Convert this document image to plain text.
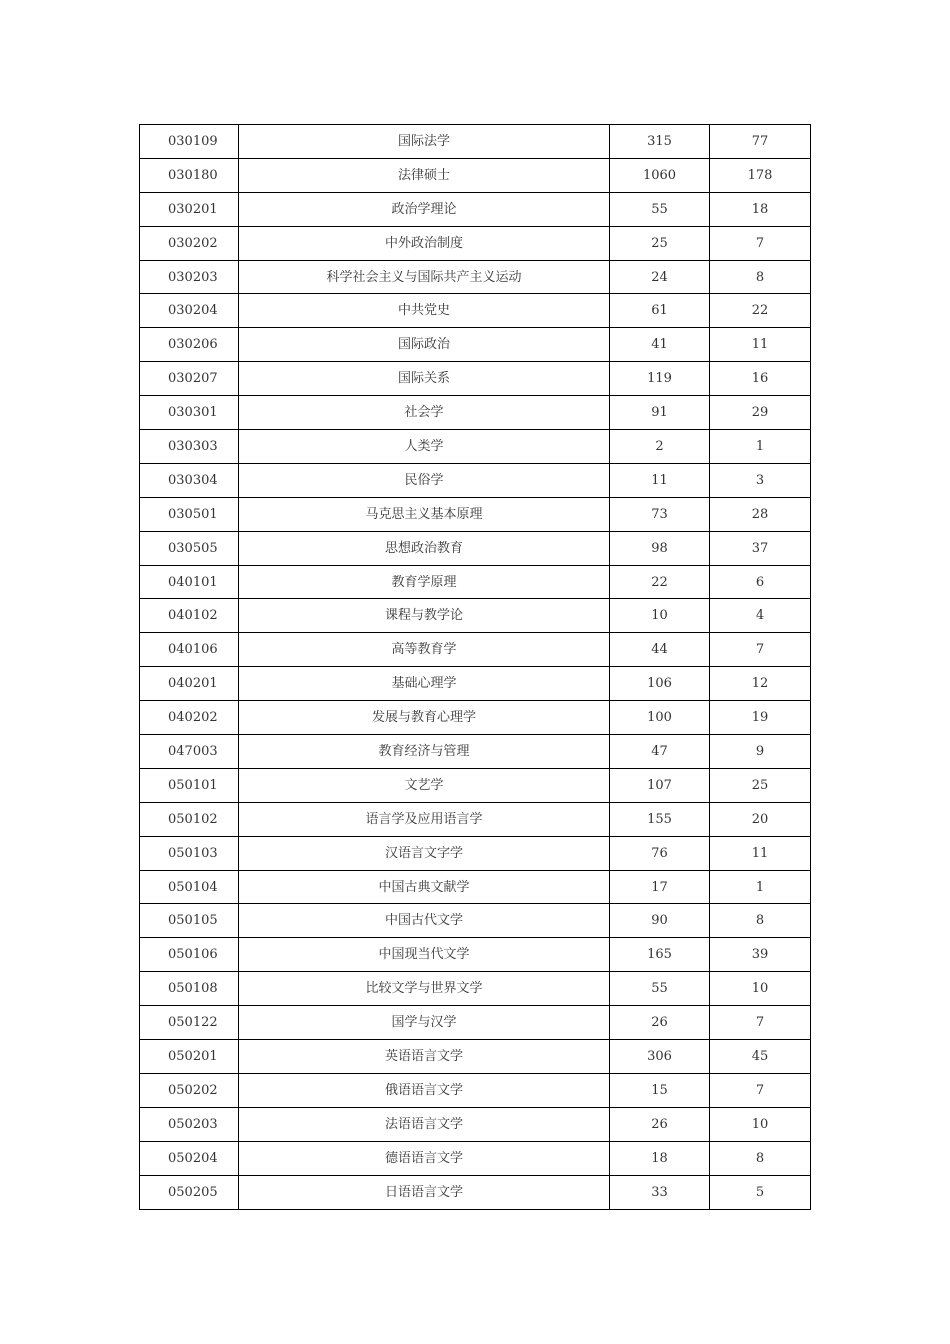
030109	国际法学	315	77
030180	法律硕士	1060	178
030201	政治学理论	55	18
030202	中外政治制度	25	7
030203	科学社会主义与国际共产主义运动	24	8
030204	中共党史	61	22
030206	国际政治	41	11
030207	国际关系	119	16
030301	社会学	91	29
030303	人类学	2	1
030304	民俗学	11	3
030501	马克思主义基本原理	73	28
030505	思想政治教育	98	37
040101	教育学原理	22	6
040102	课程与教学论	10	4
040106	高等教育学	44	7
040201	基础心理学	106	12
040202	发展与教育心理学	100	19
047003	教育经济与管理	47	9
050101	文艺学	107	25
050102	语言学及应用语言学	155	20
050103	汉语言文字学	76	11
050104	中国古典文献学	17	1
050105	中国古代文学	90	8
050106	中国现当代文学	165	39
050108	比较文学与世界文学	55	10
050122	国学与汉学	26	7
050201	英语语言文学	306	45
050202	俄语语言文学	15	7
050203	法语语言文学	26	10
050204	德语语言文学	18	8
050205	日语语言文学	33	5
